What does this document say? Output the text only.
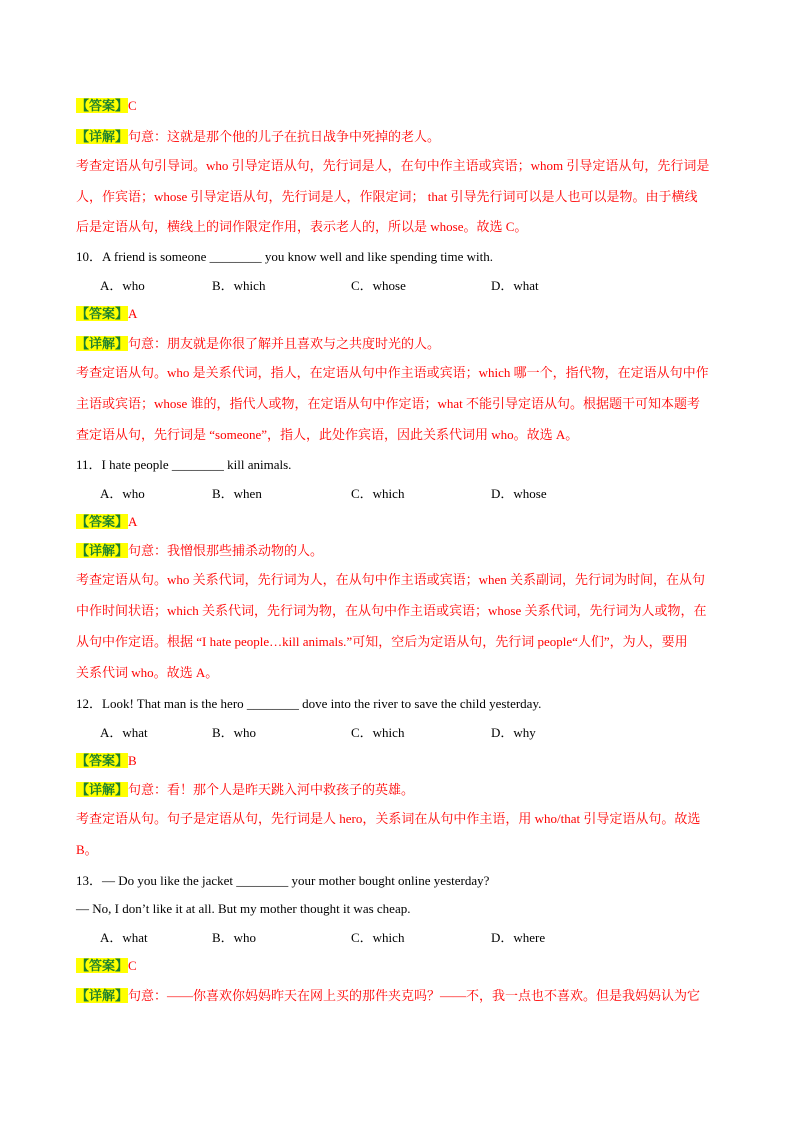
【答案】C
【详解】句意：这就是那个他的儿子在抗日战争中死掉的老人。
考查定语从句引导词。who 引导定语从句，先行词是人，在句中作主语或宾语；whom 引导定语从句，先行词是
人，作宾语；whose 引导定语从句，先行词是人，作限定词； that 引导先行词可以是人也可以是物。由于横线
后是定语从句，横线上的词作限定作用，表示老人的，所以是 whose。故选 C。
10．A friend is someone ________ you know well and like spending time with.
A．who	B．which	C．whose	D．what
【答案】A
【详解】句意：朋友就是你很了解并且喜欢与之共度时光的人。
考查定语从句。who 是关系代词，指人，在定语从句中作主语或宾语；which 哪一个，指代物，在定语从句中作
主语或宾语；whose 谁的，指代人或物，在定语从句中作定语；what 不能引导定语从句。根据题干可知本题考
查定语从句，先行词是 “someone”，指人，此处作宾语，因此关系代词用 who。故选 A。
11．I hate people ________ kill animals.
A．who	B．when	C．which	D．whose
【答案】A
【详解】句意：我憎恨那些捕杀动物的人。
考查定语从句。who 关系代词，先行词为人，在从句中作主语或宾语；when 关系副词，先行词为时间，在从句
中作时间状语；which 关系代词，先行词为物，在从句中作主语或宾语；whose 关系代词，先行词为人或物，在
从句中作定语。根据 “I hate people…kill animals.”可知，空后为定语从句，先行词 people“人们”，为人，要用
关系代词 who。故选 A。
12．Look! That man is the hero ________ dove into the river to save the child yesterday.
A．what	B．who	C．which	D．why
【答案】B
【详解】句意：看！那个人是昨天跳入河中救孩子的英雄。
考查定语从句。句子是定语从句，先行词是人 hero，关系词在从句中作主语，用 who/that 引导定语从句。故选
B。
13．— Do you like the jacket ________ your mother bought online yesterday?
— No, I don’t like it at all. But my mother thought it was cheap.
A．what	B．who	C．which	D．where
【答案】C
【详解】句意：——你喜欢你妈妈昨天在网上买的那件夹克吗？——不，我一点也不喜欢。但是我妈妈认为它
